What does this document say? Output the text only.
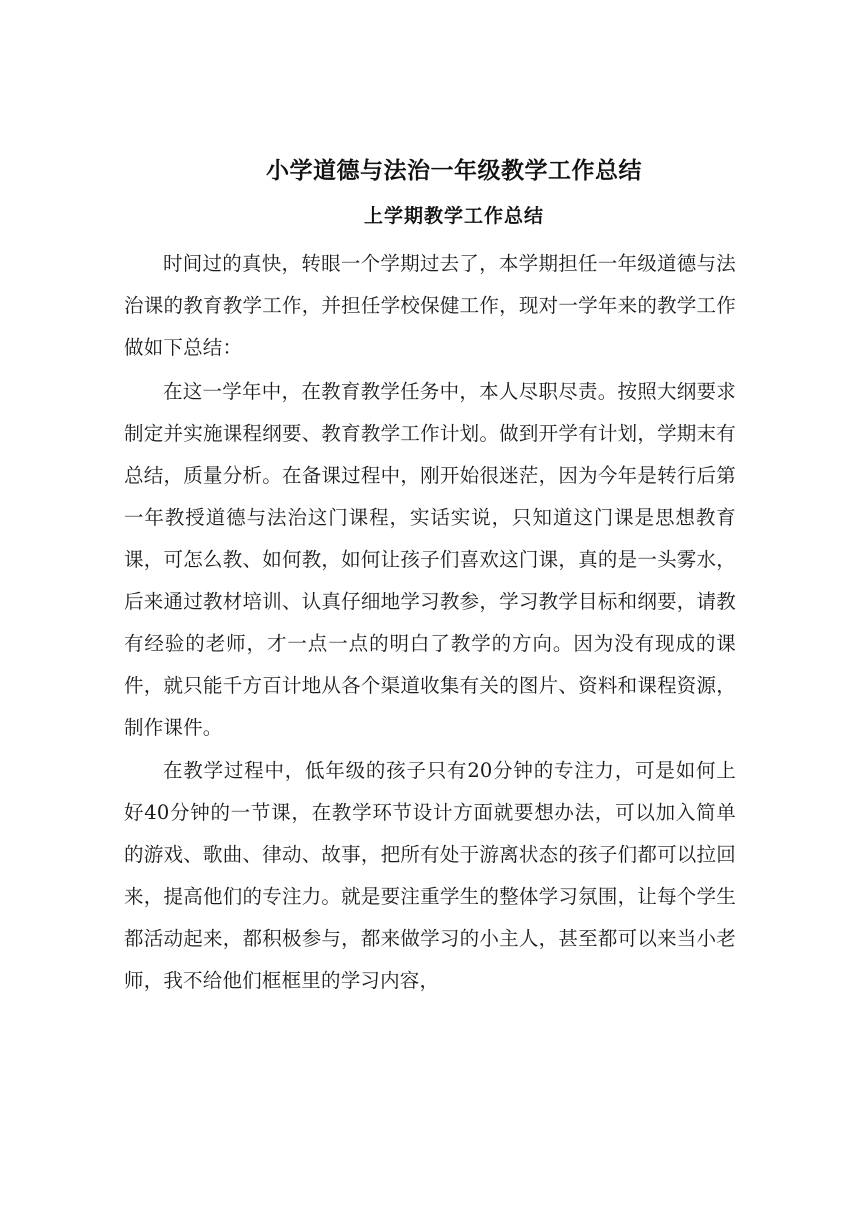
小学道德与法治一年级教学工作总结
上学期教学工作总结

时间过的真快，转眼一个学期过去了，本学期担任一年级道德与法治课的教育教学工作，并担任学校保健工作，现对一学年来的教学工作做如下总结：

在这一学年中，在教育教学任务中，本人尽职尽责。按照大纲要求制定并实施课程纲要、教育教学工作计划。做到开学有计划，学期末有总结，质量分析。在备课过程中，刚开始很迷茫，因为今年是转行后第一年教授道德与法治这门课程，实话实说，只知道这门课是思想教育课，可怎么教、如何教，如何让孩子们喜欢这门课，真的是一头雾水，后来通过教材培训、认真仔细地学习教参，学习教学目标和纲要，请教有经验的老师，才一点一点的明白了教学的方向。因为没有现成的课件，就只能千方百计地从各个渠道收集有关的图片、资料和课程资源，制作课件。

在教学过程中，低年级的孩子只有20分钟的专注力，可是如何上好40分钟的一节课，在教学环节设计方面就要想办法，可以加入简单的游戏、歌曲、律动、故事，把所有处于游离状态的孩子们都可以拉回来，提高他们的专注力。就是要注重学生的整体学习氛围，让每个学生都活动起来，都积极参与，都来做学习的小主人，甚至都可以来当小老师，我不给他们框框里的学习内容，
